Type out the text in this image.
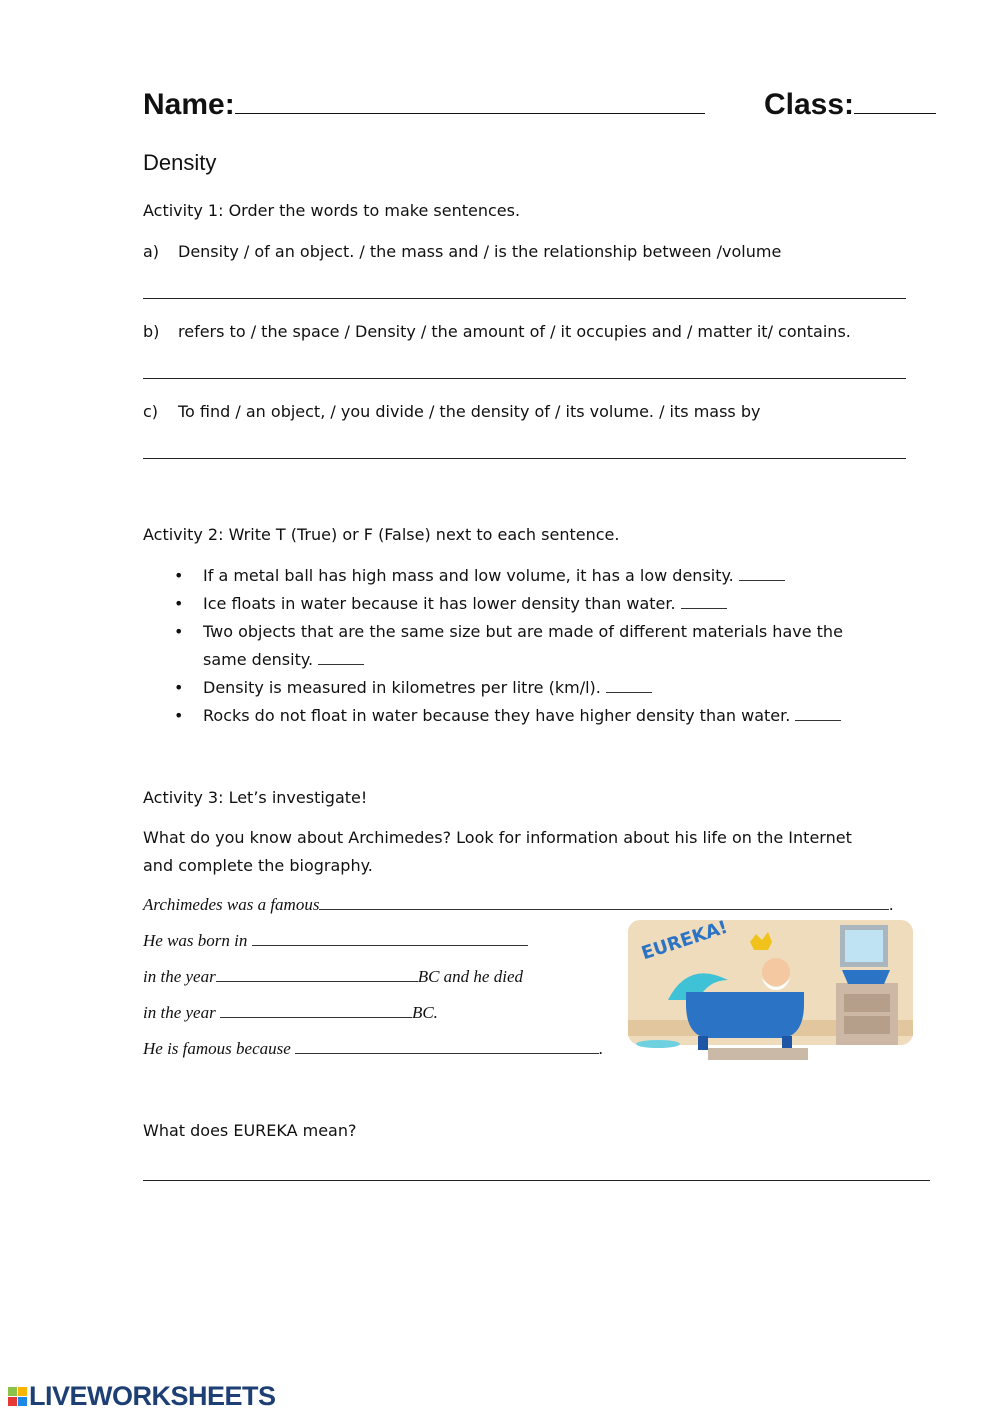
Name:	Class:
Density
Activity 1: Order the words to make sentences.
a) Density / of an object. / the mass and / is the relationship between /volume
b) refers to / the space / Density / the amount of / it occupies and / matter it/ contains.
c) To find / an object, / you divide / the density of / its volume. / its mass by
Activity 2: Write T (True) or F (False) next to each sentence.
If a metal ball has high mass and low volume, it has a low density.
Ice floats in water because it has lower density than water.
Two objects that are the same size but are made of different materials have the
same density.
Density is measured in kilometres per litre (km/l).
Rocks do not float in water because they have higher density than water.
Activity 3: Let’s investigate!
What do you know about Archimedes? Look for information about his life on the Internet
and complete the biography.
Archimedes was a famous	.
He was born in
in the year	BC and he died
in the year	BC.
He is famous because	.
EUREKA!
What does EUREKA mean?
LIVEWORKSHEETS
